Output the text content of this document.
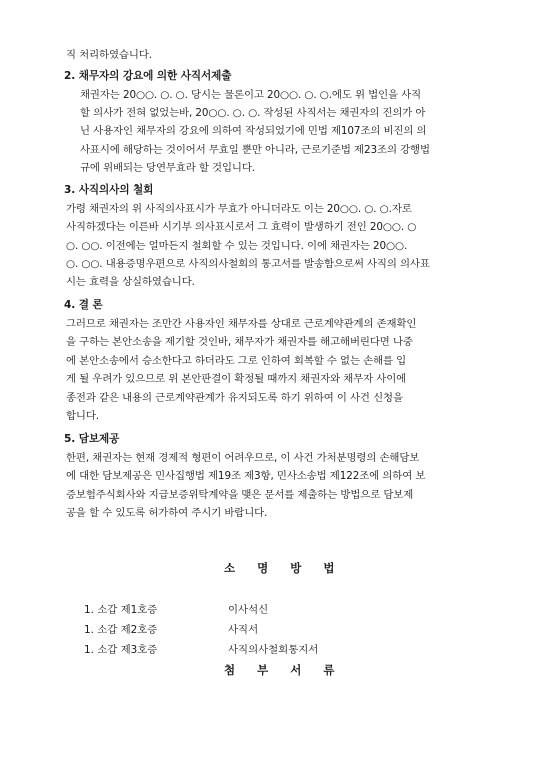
직 처리하였습니다.
2. 채무자의 강요에 의한 사직서제출
채권자는 20○○. ○. ○. 당시는 물론이고 20○○. ○. ○.에도 위 법인을 사직
할 의사가 전혀 없었는바, 20○○. ○. ○. 작성된 사직서는 채권자의 진의가 아
닌 사용자인 채무자의 강요에 의하여 작성되었기에 민법 제107조의 비진의 의
사표시에 해당하는 것이어서 무효일 뿐만 아니라, 근로기준법 제23조의 강행법
규에 위배되는 당연무효라 할 것입니다.
3. 사직의사의 철회
가령 채권자의 위 사직의사표시가 무효가 아니더라도 이는 20○○. ○. ○.자로
사직하겠다는 이른바 시기부 의사표시로서 그 효력이 발생하기 전인 20○○. ○
○. ○○. 이전에는 얼마든지 철회할 수 있는 것입니다. 이에 채권자는 20○○.
○. ○○. 내용증명우편으로 사직의사철회의 통고서를 발송함으로써 사직의 의사표
시는 효력을 상실하였습니다.
4. 결 론
그러므로 채권자는 조만간 사용자인 채무자를 상대로 근로계약관계의 존재확인
을 구하는 본안소송을 제기할 것인바, 채무자가 채권자를 해고해버린다면 나중
에 본안소송에서 승소한다고 하더라도 그로 인하여 회복할 수 없는 손해를 입
게 될 우려가 있으므로 위 본안판결이 확정될 때까지 채권자와 채무자 사이에
종전과 같은 내용의 근로계약관계가 유지되도록 하기 위하여 이 사건 신청을
합니다.
5. 담보제공
한편, 채권자는 현재 경제적 형편이 어려우므로, 이 사건 가처분명령의 손해담보
에 대한 담보제공은 민사집행법 제19조 제3항, 민사소송법 제122조에 의하여 보
증보험주식회사와 지급보증위탁계약을 맺은 문서를 제출하는 방법으로 담보제
공을 할 수 있도록 허가하여 주시기 바랍니다.
소 명 방 법
1. 소갑 제1호증	이사석신
1. 소갑 제2호증	사직서
1. 소갑 제3호증	사직의사철회통지서
첨 부 서 류
